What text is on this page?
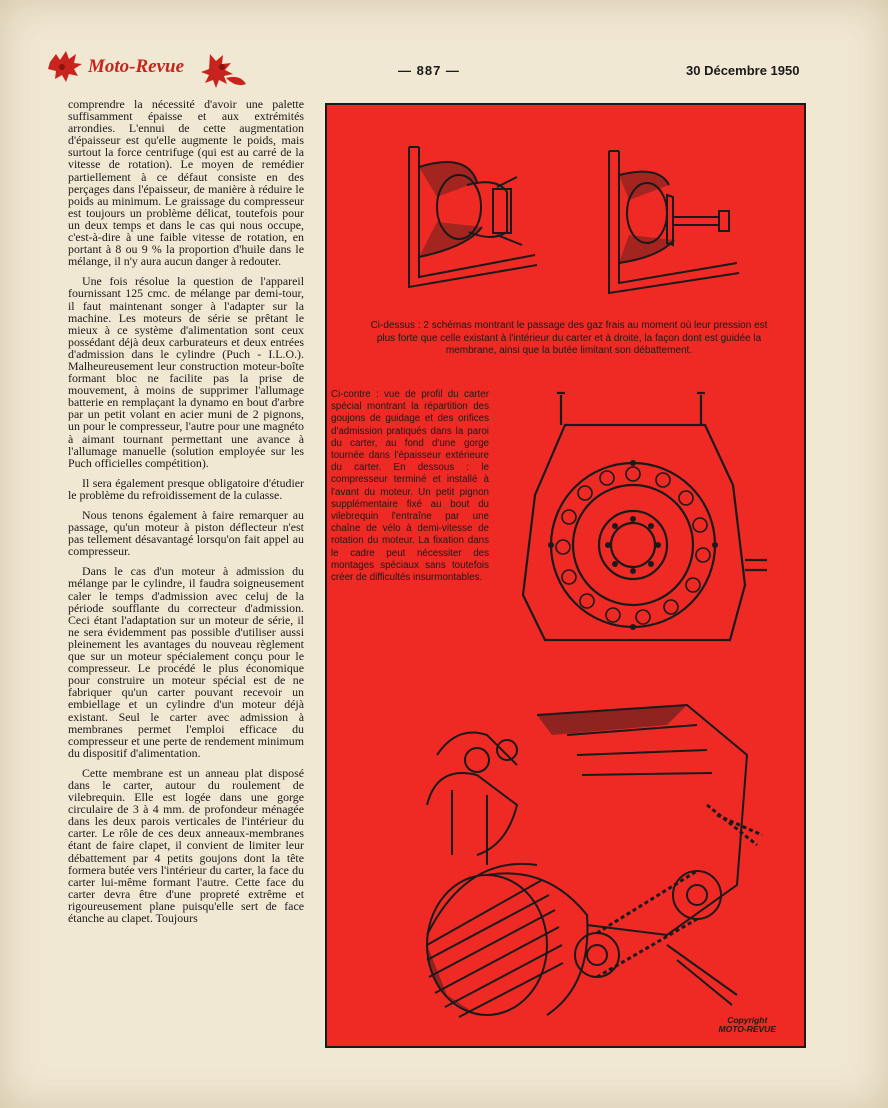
Moto-Revue	— 887 —	30 Décembre 1950

comprendre la nécessité d'avoir une palette suffisamment épaisse et aux extrémités arrondies. L'ennui de cette augmentation d'épaisseur est qu'elle augmente le poids, mais surtout la force centrifuge (qui est au carré de la vitesse de rotation). Le moyen de remédier partiellement à ce défaut consiste en des perçages dans l'épaisseur, de manière à réduire le poids au minimum. Le graissage du compresseur est toujours un problème délicat, toutefois pour un deux temps et dans le cas qui nous occupe, c'est-à-dire à une faible vitesse de rotation, en portant à 8 ou 9 % la proportion d'huile dans le mélange, il n'y aura aucun danger à redouter.

Une fois résolue la question de l'appareil fournissant 125 cmc. de mélange par demi-tour, il faut maintenant songer à l'adapter sur la machine. Les moteurs de série se prêtant le mieux à ce système d'alimentation sont ceux possédant déjà deux carburateurs et deux entrées d'admission dans le cylindre (Puch - I.L.O.). Malheureusement leur construction moteur-boîte formant bloc ne facilite pas la prise de mouvement, à moins de supprimer l'allumage batterie en remplaçant la dynamo en bout d'arbre par un petit volant en acier muni de 2 pignons, un pour le compresseur, l'autre pour une magnéto à aimant tournant permettant une avance à l'allumage manuelle (solution employée sur les Puch officielles compétition).

Il sera également presque obligatoire d'étudier le problème du refroidissement de la culasse.

Nous tenons également à faire remarquer au passage, qu'un moteur à piston déflecteur n'est pas tellement désavantagé lorsqu'on fait appel au compresseur.

Dans le cas d'un moteur à admission du mélange par le cylindre, il faudra soigneusement caler le temps d'admission avec celuj de la période soufflante du correcteur d'admission. Ceci étant l'adaptation sur un moteur de série, il ne sera évidemment pas possible d'utiliser aussi pleinement les avantages du nouveau règlement que sur un moteur spécialement conçu pour le compresseur. Le procédé le plus économique pour construire un moteur spécial est de ne fabriquer qu'un carter pouvant recevoir un embiellage et un cylindre d'un moteur déjà existant. Seul le carter avec admission à membranes permet l'emploi efficace du compresseur et une perte de rendement minimum du dispositif d'alimentation.

Cette membrane est un anneau plat disposé dans le carter, autour du roulement de vilebrequin. Elle est logée dans une gorge circulaire de 3 à 4 mm. de profondeur ménagée dans les deux parois verticales de l'intérieur du carter. Le rôle de ces deux anneaux-membranes étant de faire clapet, il convient de limiter leur débattement par 4 petits goujons dont la tête formera butée vers l'intérieur du carter, la face du carter lui-même formant l'autre. Cette face du carter devra être d'une propreté extrême et rigoureusement plane puisqu'elle sert de face étanche au clapet. Toujours

Ci-dessus : 2 schémas montrant le passage des gaz frais au moment où leur pression est plus forte que celle existant à l'intérieur du carter et à droite, la façon dont est guidée la membrane, ainsi que la butée limitant son débattement.
Ci-contre : vue de profil du carter spécial montrant la répartition des goujons de guidage et des orifices d'admission pratiqués dans la paroi du carter, au fond d'une gorge tournée dans l'épaisseur extérieure du carter. En dessous : le compresseur terminé et installé à l'avant du moteur. Un petit pignon supplémentaire fixé au bout du vilebrequin l'entraîne par une chaîne de vélo à demi-vitesse de rotation du moteur. La fixation dans le cadre peut nécessiter des montages spéciaux sans toutefois créer de difficultés insurmontables.
Copyright
MOTO-REVUE
